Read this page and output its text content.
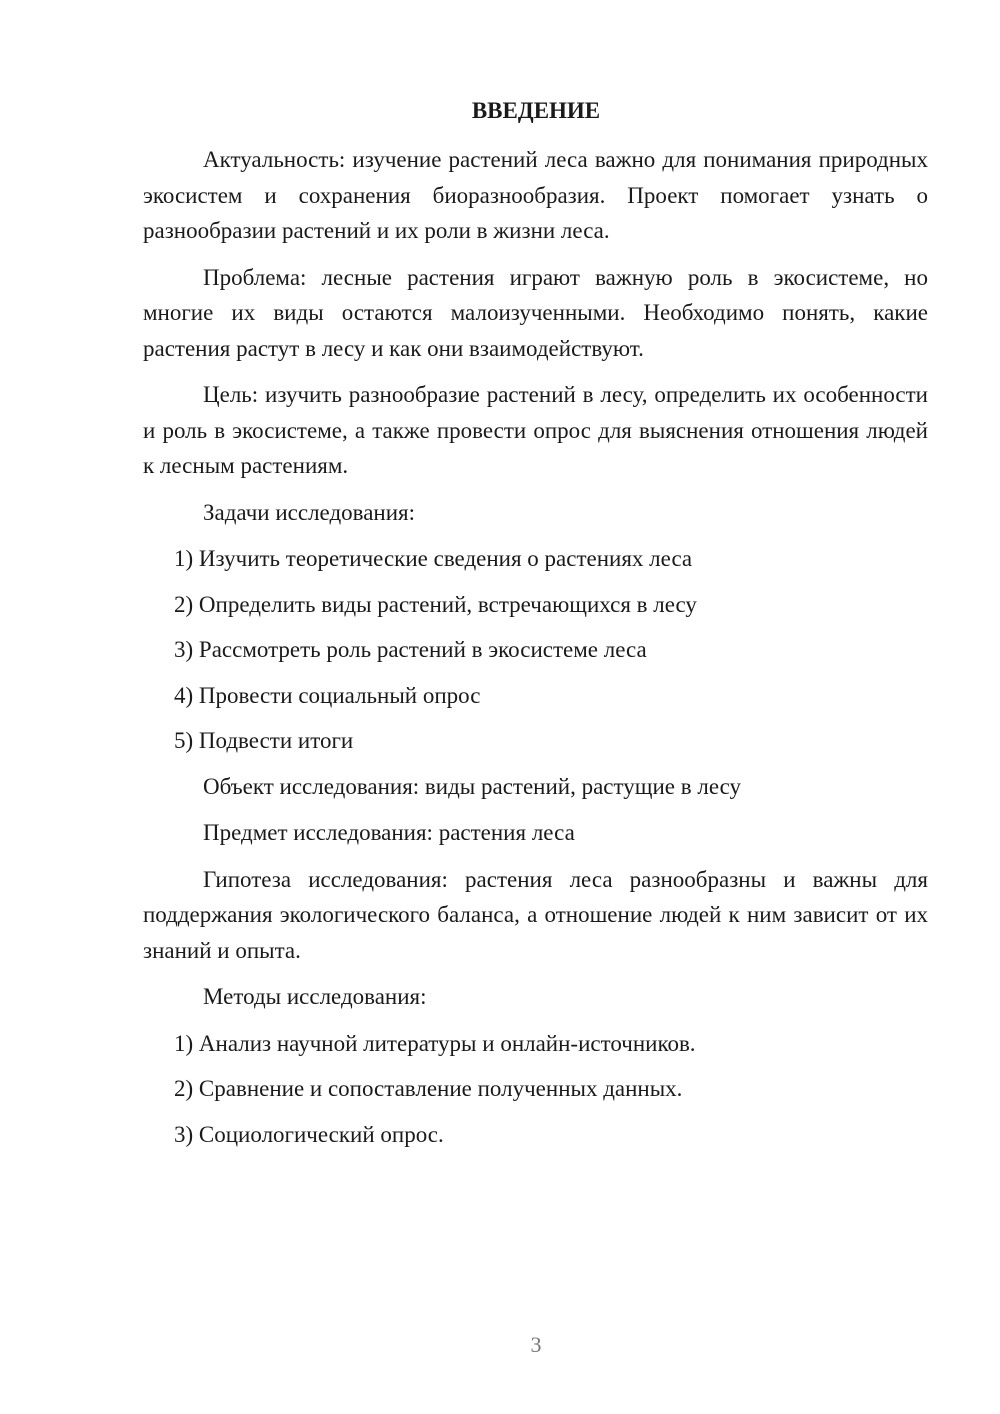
ВВЕДЕНИЕ

Актуальность: изучение растений леса важно для понимания природных экосистем и сохранения биоразнообразия. Проект помогает узнать о разнообразии растений и их роли в жизни леса.

Проблема: лесные растения играют важную роль в экосистеме, но многие их виды остаются малоизученными. Необходимо понять, какие растения растут в лесу и как они взаимодействуют.

Цель: изучить разнообразие растений в лесу, определить их особенности и роль в экосистеме, а также провести опрос для выяснения отношения людей к лесным растениям.

Задачи исследования:

1) Изучить теоретические сведения о растениях леса

2) Определить виды растений, встречающихся в лесу

3) Рассмотреть роль растений в экосистеме леса

4) Провести социальный опрос

5) Подвести итоги

Объект исследования: виды растений, растущие в лесу

Предмет исследования: растения леса

Гипотеза исследования: растения леса разнообразны и важны для поддержания экологического баланса, а отношение людей к ним зависит от их знаний и опыта.

Методы исследования:

1) Анализ научной литературы и онлайн-источников.

2) Сравнение и сопоставление полученных данных.

3) Социологический опрос.

3
